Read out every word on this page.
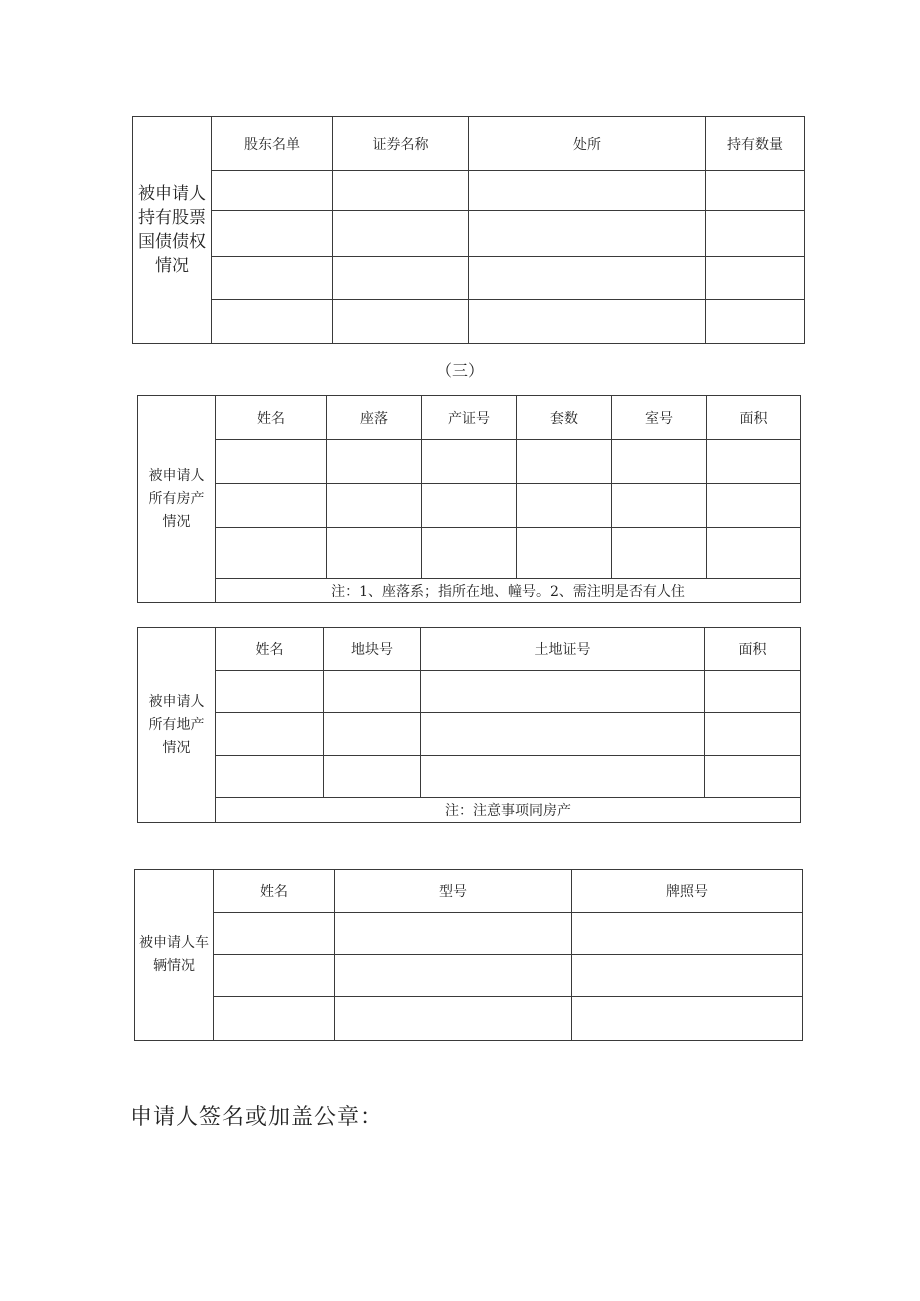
被申请人
持有股票
国债债权
情况	股东名单	证券名称	处所	持有数量

（三）
被申请人
所有房产
情况	姓名	座落	产证号	套数	室号	面积

	注：1、座落系；指所在地、幢号。2、需注明是否有人住					
被申请人
所有地产
情况	姓名	地块号	土地证号	面积

	注：注意事项同房产			
被申请人车
辆情况	姓名	型号	牌照号

申请人签名或加盖公章：
